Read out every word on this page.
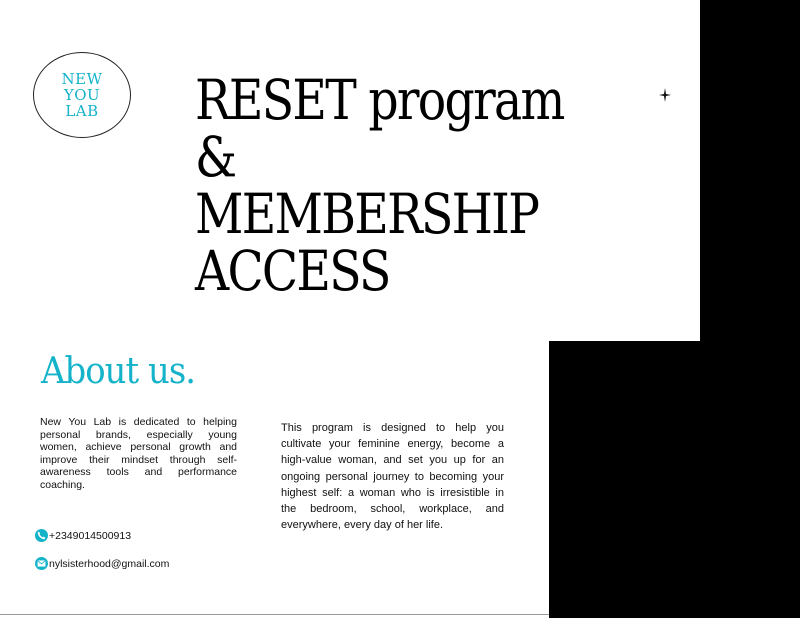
NEW
YOU
LAB RESET program
&
MEMBERSHIP
ACCESS
About us.

New You Lab is dedicated to helping personal brands, especially young women, achieve personal growth and improve their mindset through self-awareness tools and performance coaching.

This program is designed to help you cultivate your feminine energy, become a high-value woman, and set you up for an ongoing personal journey to becoming your highest self: a woman who is irresistible in the bedroom, school, workplace, and everywhere, every day of her life.

+2349014500913
nylsisterhood@gmail.com
